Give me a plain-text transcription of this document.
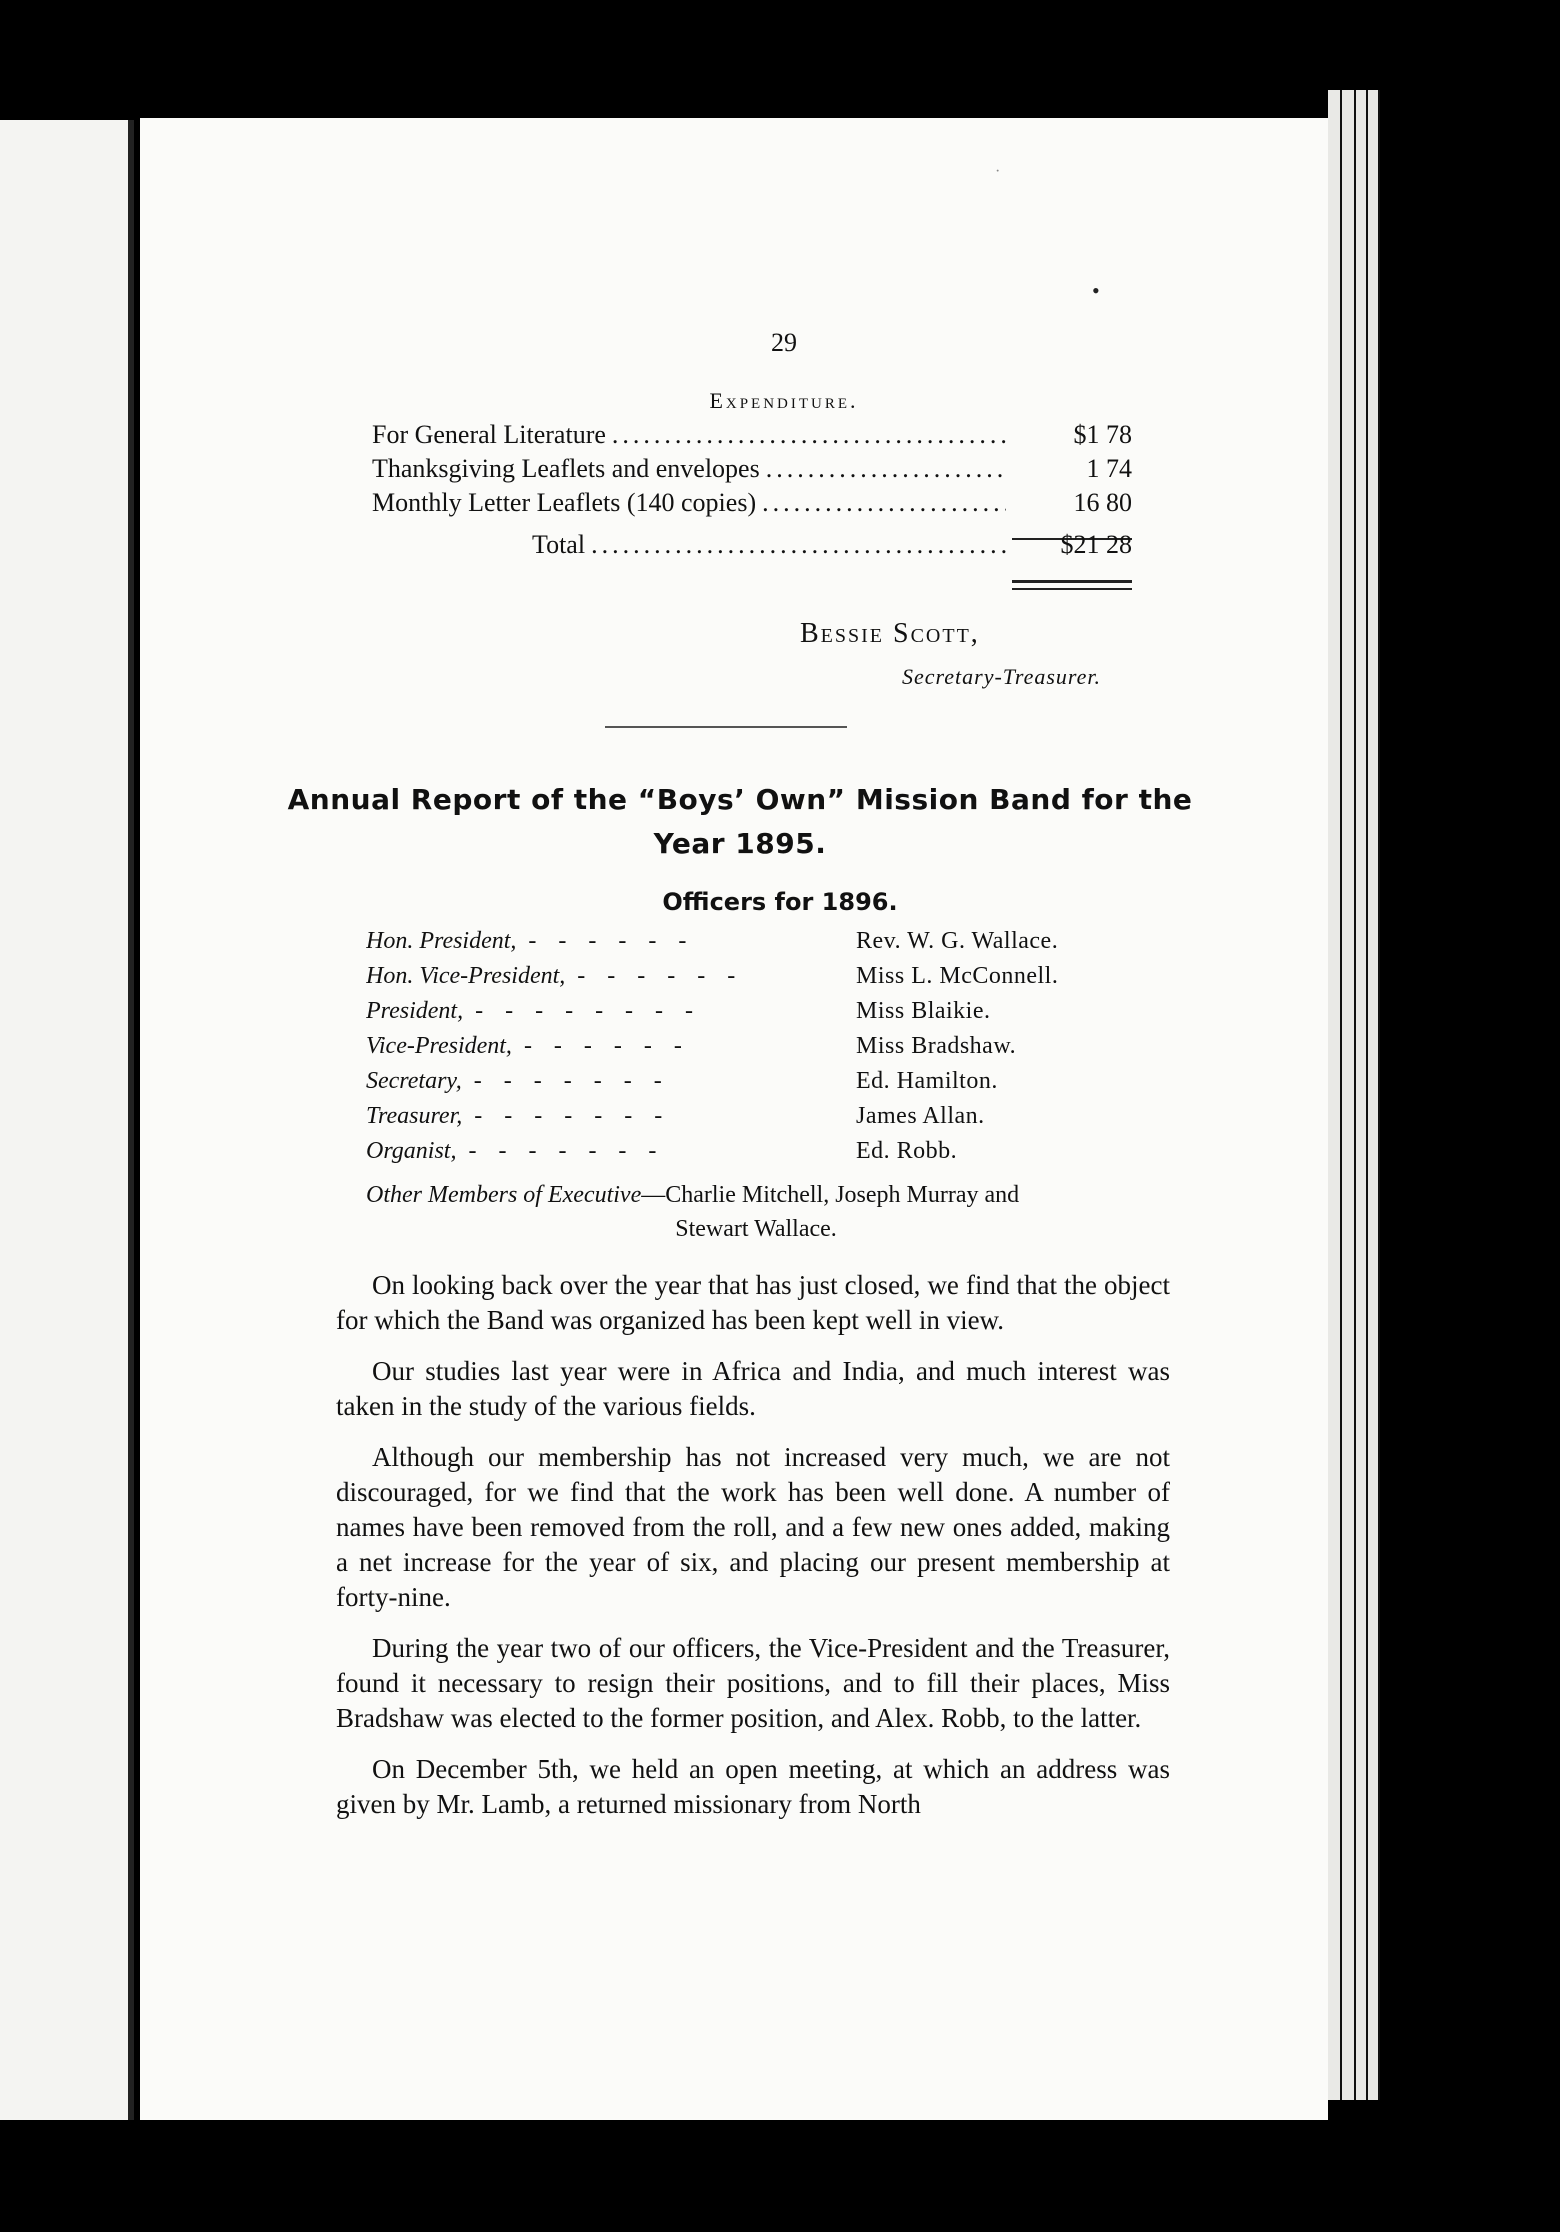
29
Expenditure.
For General Literature .....	$1 78
Thanksgiving Leaflets and envelopes .....	1 74
Monthly Letter Leaflets (140 copies) .....	16 80
Total .....	$21 28
Bessie Scott,
Secretary-Treasurer.
Annual Report of the “Boys’ Own” Mission Band for the
Year 1895.
Officers for 1896.
Hon. President, ------	Rev. W. G. Wallace.
Hon. Vice-President, ------	Miss L. McConnell.
President, --------	Miss Blaikie.
Vice-President, ------	Miss Bradshaw.
Secretary, -------	Ed. Hamilton.
Treasurer, -------	James Allan.
Organist, -------	Ed. Robb.
Other Members of Executive—Charlie Mitchell, Joseph Murray and
Stewart Wallace.

On looking back over the year that has just closed, we find that the object for which the Band was organized has been kept well in view.

Our studies last year were in Africa and India, and much interest was taken in the study of the various fields.

Although our membership has not increased very much, we are not discouraged, for we find that the work has been well done. A number of names have been removed from the roll, and a few new ones added, making a net increase for the year of six, and placing our present membership at forty-nine.

During the year two of our officers, the Vice-President and the Treasurer, found it necessary to resign their positions, and to fill their places, Miss Bradshaw was elected to the former position, and Alex. Robb, to the latter.

On December 5th, we held an open meeting, at which an address was given by Mr. Lamb, a returned missionary from North

•
·
